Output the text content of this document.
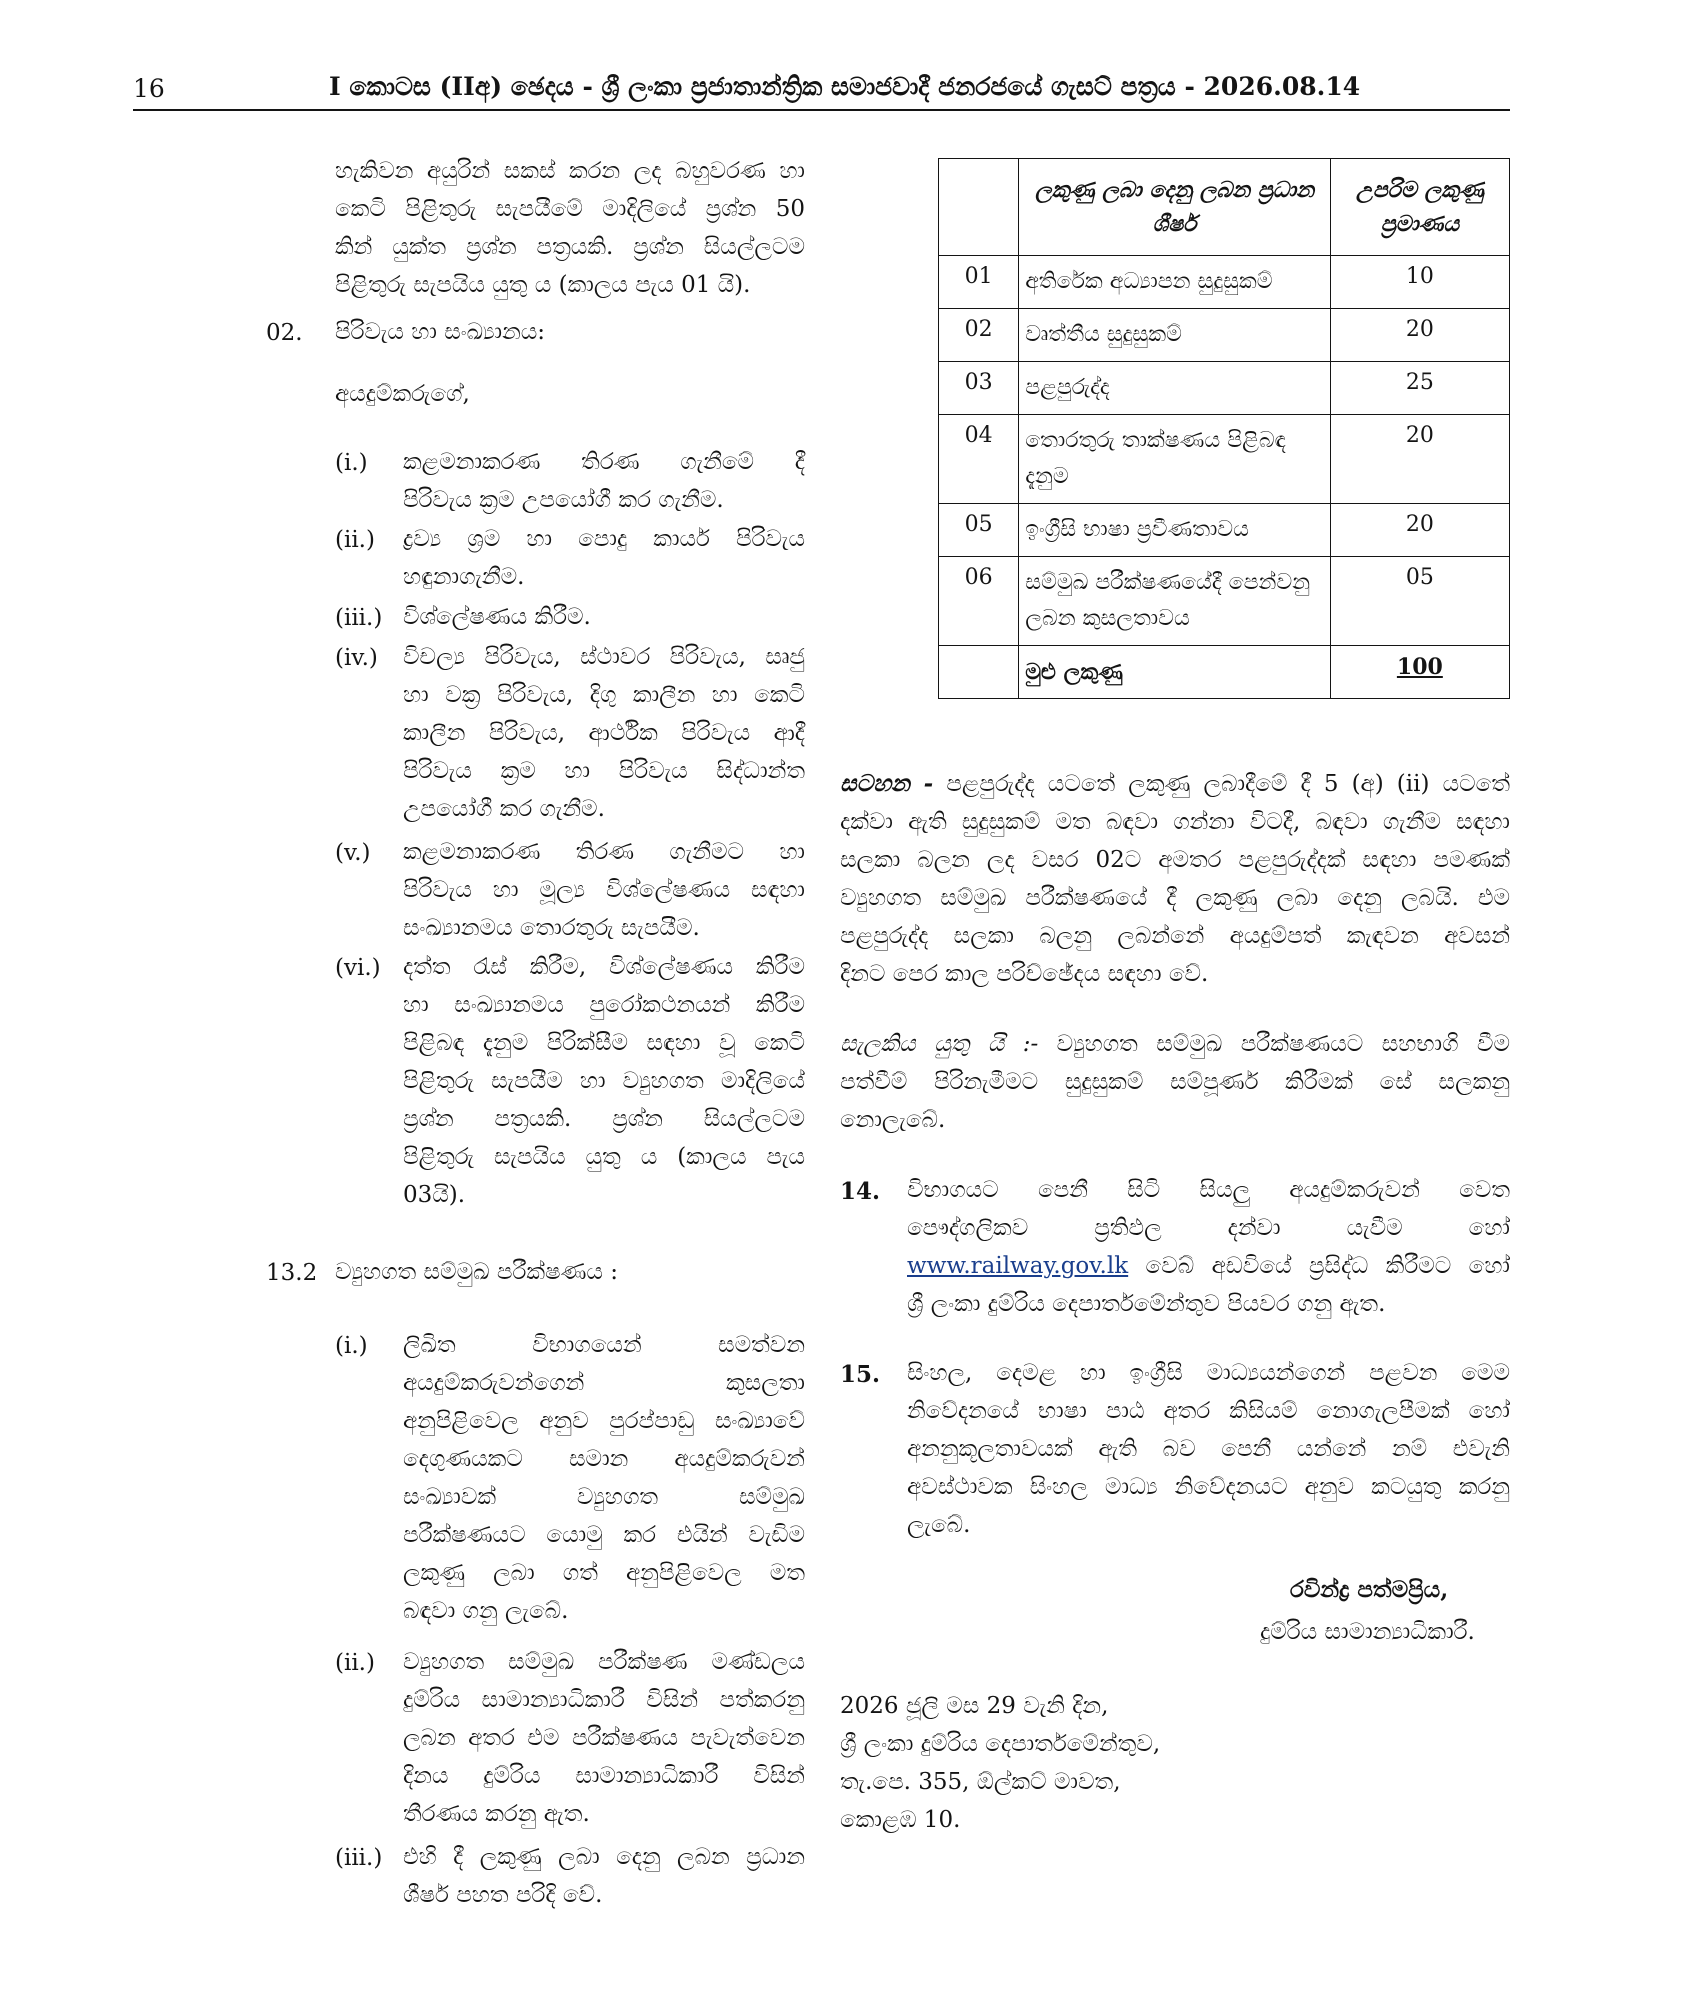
16	I කොටස (IIඅ) ඡෙදය - ශ්‍රී ලංකා ප්‍රජාතාන්ත්‍රික සමාජවාදී ජනරජයේ ගැසට් පත්‍රය - 2026.08.14
හැකිවන අයුරින් සකස් කරන ලද බහුවරණ හා
කෙටි පිළිතුරු සැපයීමේ මාදිලියේ ප්‍රශ්න 50
කින් යුක්ත ප්‍රශ්න පත්‍රයකි. ප්‍රශ්න සියල්ලටම
පිළිතුරු සැපයිය යුතු ය (කාලය පැය 01 යි).
02. පිරිවැය හා සංඛ්‍යානය:
අයදුම්කරුගේ,
(i.) කළමනාකරණ තිරණ ගැනීමේ දී
පිරිවැය ක්‍රම උපයෝගී කර ගැනීම.
(ii.) ද්‍රව්‍ය ශ්‍රම හා පොදු කාර්ය පිරිවැය
හඳුනාගැනීම.
(iii.) විශ්ලේෂණය කිරීම.
(iv.) විචල්‍ය පිරිවැය, ස්ථාවර පිරිවැය, සෘජු
හා වක්‍ර පිරිවැය, දිගු කාලීන හා කෙටි
කාලීන පිරිවැය, ආර්ථික පිරිවැය ආදී
පිරිවැය ක්‍රම හා පිරිවැය සිද්ධාන්ත
උපයෝගී කර ගැනීම.
(v.) කළමනාකරණ තිරණ ගැනීමට හා
පිරිවැය හා මූල්‍ය විශ්ලේෂණය සඳහා
සංඛ්‍යානමය තොරතුරු සැපයීම.
(vi.) දත්ත රැස් කිරීම, විශ්ලේෂණය කිරීම
හා සංඛ්‍යානමය පුරෝකථනයන් කිරීම
පිළිබඳ දැනුම පිරික්සීම සඳහා වූ කෙටි
පිළිතුරු සැපයීම හා ව්‍යුහගත මාදිලියේ
ප්‍රශ්න පත්‍රයකි. ප්‍රශ්න සියල්ලටම
පිළිතුරු සැපයිය යුතු ය (කාලය පැය
03යි).
13.2 ව්‍යුහගත සම්මුඛ පරීක්ෂණය :
(i.) ලිඛිත විභාගයෙන් සමත්වන
අයදුම්කරුවන්ගෙන් කුසලතා
අනුපිළිවෙල අනුව පුරප්පාඩු සංඛ්‍යාවේ
දෙගුණයකට සමාන අයදුම්කරුවන්
සංඛ්‍යාවක් ව්‍යුහගත සම්මුඛ
පරීක්ෂණයට යොමු කර එයින් වැඩිම
ලකුණු ලබා ගත් අනුපිළිවෙල මත
බඳවා ගනු ලැබේ.
(ii.) ව්‍යුහගත සම්මුඛ පරීක්ෂණ මණ්ඩලය
දුම්රිය සාමාන්‍යාධිකාරී විසින් පත්කරනු
ලබන අතර එම පරීක්ෂණය පැවැත්වෙන
දිනය දුම්රිය සාමාන්‍යාධිකාරී විසින්
තීරණය කරනු ඇත.
(iii.) එහි දී ලකුණු ලබා දෙනු ලබන ප්‍රධාන
ශීර්ෂ පහත පරිදි වේ.
	ලකුණු ලබා දෙනු ලබන ප්‍රධාන ශීර්ෂ	උපරිම ලකුණු ප්‍රමාණය
01	අතිරේක අධ්‍යාපන සුදුසුකම්	10
02	වෘත්තීය සුදුසුකම්	20
03	පළපුරුද්ද	25
04	තොරතුරු තාක්ෂණය පිළිබඳ දැනුම	20
05	ඉංග්‍රීසි භාෂා ප්‍රවීණතාවය	20
06	සම්මුඛ පරීක්ෂණයේදී පෙන්වනු ලබන කුසලතාවය	05
	මුළු ලකුණු	100
සටහන - පළපුරුද්ද යටතේ ලකුණු ලබාදීමේ දී 5 (අ) (ii) යටතේ
දක්වා ඇති සුදුසුකම් මත බඳවා ගන්නා විටදී, බඳවා ගැනීම සඳහා
සලකා බලන ලද වසර 02ට අමතර පළපුරුද්දක් සඳහා පමණක්
ව්‍යුහගත සම්මුඛ පරීක්ෂණයේ දී ලකුණු ලබා දෙනු ලබයි. එම
පළපුරුද්ද සලකා බලනු ලබන්නේ අයදුම්පත් කැඳවන අවසන්
දිනට පෙර කාල පරිච්ඡේදය සඳහා වේ.
සැලකිය යුතු යි :- ව්‍යුහගත සම්මුඛ පරීක්ෂණයට සහභාගි වීම
පත්වීම් පිරිනැමීමට සුදුසුකම් සම්පූර්ණ කිරීමක් සේ සලකනු
නොලැබේ.
14. විභාගයට පෙනී සිටි සියලු අයදුම්කරුවන් වෙත
පෞද්ගලිකව ප්‍රතිඵල දන්වා යැවීම හෝ
www.railway.gov.lk වෙබ් අඩවියේ ප්‍රසිද්ධ කිරීමට හෝ
ශ්‍රී ලංකා දුම්රිය දෙපාර්තමේන්තුව පියවර ගනු ඇත.
15. සිංහල, දෙමළ හා ඉංග්‍රීසි මාධ්‍යයන්ගෙන් පළවන මෙම
නිවේදනයේ භාෂා පාඨ අතර කිසියම් නොගැලපීමක් හෝ
අනනුකූලතාවයක් ඇති බව පෙනී යන්නේ නම් එවැනි
අවස්ථාවක සිංහල මාධ්‍ය නිවේදනයට අනුව කටයුතු කරනු
ලැබේ.
රවින්ද්‍ර පත්මප්‍රිය,
දුම්රිය සාමාන්‍යාධිකාරී.
2026 ජූලි මස 29 වැනි දින,
ශ්‍රී ලංකා දුම්රිය දෙපාර්තමේන්තුව,
තැ.පෙ. 355, ඕල්කට් මාවත,
කොළඹ 10.
